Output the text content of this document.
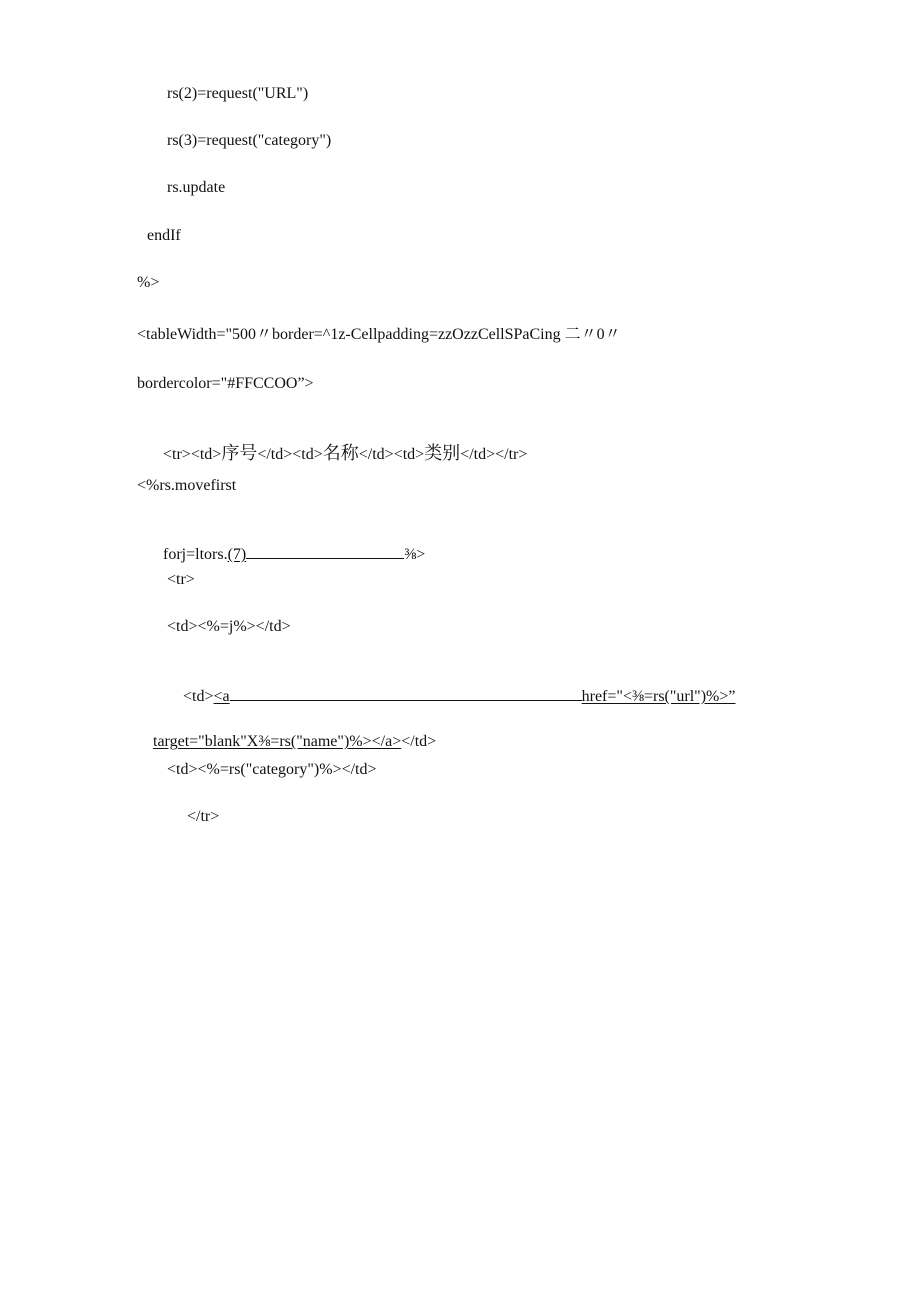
rs(2)=request("URL")
rs(3)=request("category")
rs.update
endIf
%>
<tableWidth="500〃border=^1z-Cellpadding=zzOzzCellSPaCing 二〃0〃
bordercolor="#FFCCOO”>

<tr><td>序号</td><td>名称</td><td>类别</td></tr>

<%rs.movefirst

forj=ltors.(7)	⅜>

<tr>
<td><%=j%></td>

<td><a	href="<⅜=rs("url")%>”

target="blank"X⅜=rs("name")%></a></td>

<td><%=rs("category")%></td>
</tr>
